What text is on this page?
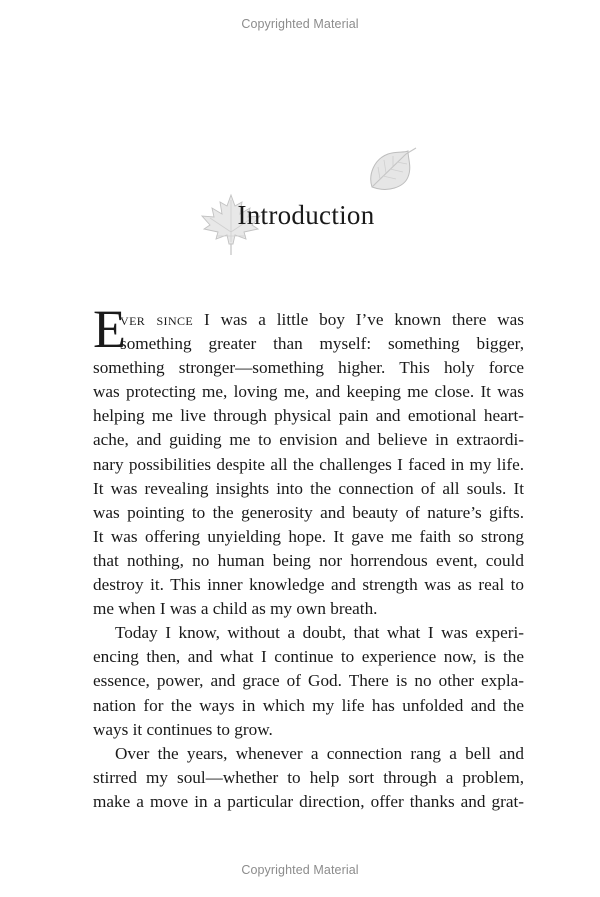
Copyrighted Material
Introduction
E
ver since I was a little boy I’ve known there was
something greater than myself: something bigger,
something stronger—something higher. This holy force
was protecting me, loving me, and keeping me close. It was
helping me live through physical pain and emotional heart-
ache, and guiding me to envision and believe in extraordi-
nary possibilities despite all the challenges I faced in my life.
It was revealing insights into the connection of all souls. It
was pointing to the generosity and beauty of nature’s gifts.
It was offering unyielding hope. It gave me faith so strong
that nothing, no human being nor horrendous event, could
destroy it. This inner knowledge and strength was as real to
me when I was a child as my own breath.
Today I know, without a doubt, that what I was experi-
encing then, and what I continue to experience now, is the
essence, power, and grace of God. There is no other expla-
nation for the ways in which my life has unfolded and the
ways it continues to grow.
Over the years, whenever a connection rang a bell and
stirred my soul—whether to help sort through a problem,
make a move in a particular direction, offer thanks and grat-
Copyrighted Material
